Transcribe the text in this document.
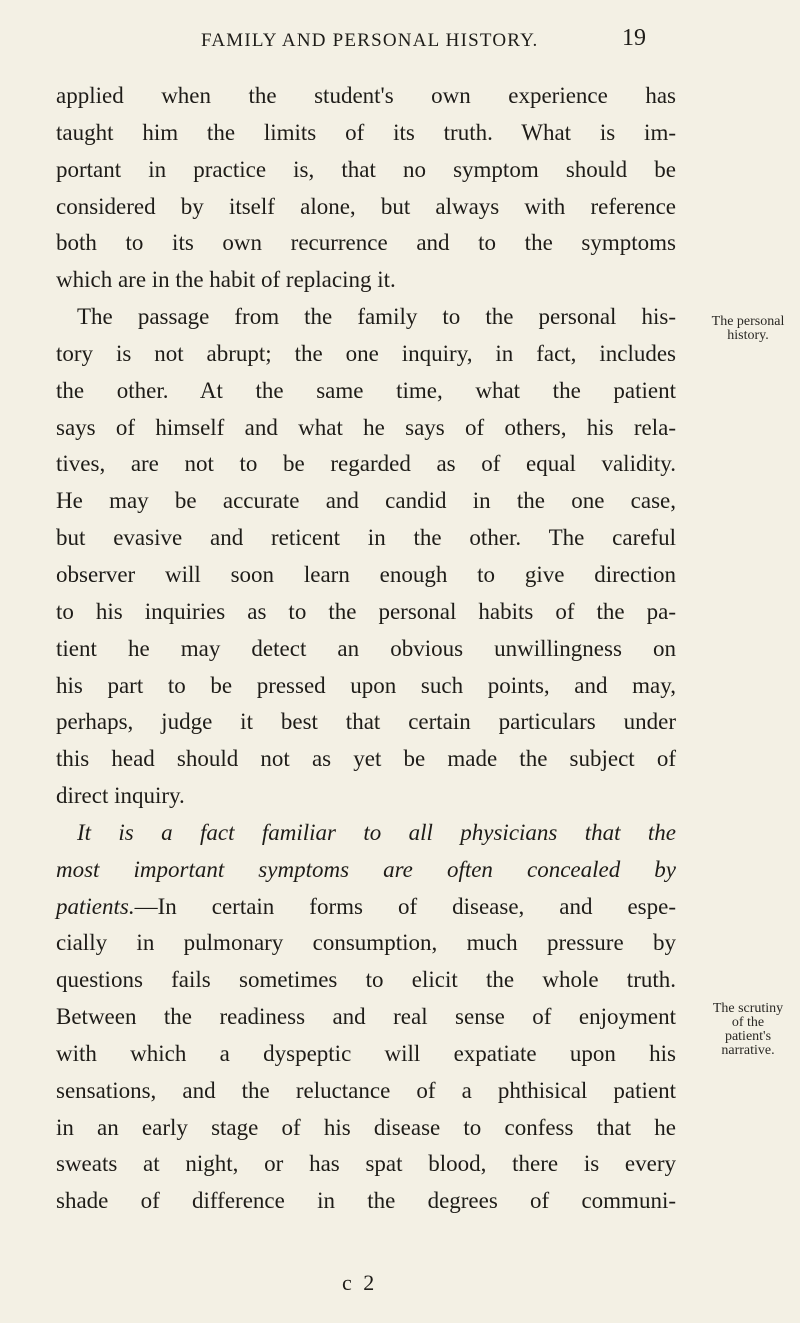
FAMILY AND PERSONAL HISTORY.	19
applied when the student's own experience has
taught him the limits of its truth. What is im-
portant in practice is, that no symptom should be
considered by itself alone, but always with reference
both to its own recurrence and to the symptoms
which are in the habit of replacing it.
The passage from the family to the personal his-
tory is not abrupt; the one inquiry, in fact, includes
the other. At the same time, what the patient
says of himself and what he says of others, his rela-
tives, are not to be regarded as of equal validity.
He may be accurate and candid in the one case,
but evasive and reticent in the other. The careful
observer will soon learn enough to give direction
to his inquiries as to the personal habits of the pa-
tient he may detect an obvious unwillingness on
his part to be pressed upon such points, and may,
perhaps, judge it best that certain particulars under
this head should not as yet be made the subject of
direct inquiry.
It is a fact familiar to all physicians that the
most important symptoms are often concealed by
patients.—In certain forms of disease, and espe-
cially in pulmonary consumption, much pressure by
questions fails sometimes to elicit the whole truth.
Between the readiness and real sense of enjoyment
with which a dyspeptic will expatiate upon his
sensations, and the reluctance of a phthisical patient
in an early stage of his disease to confess that he
sweats at night, or has spat blood, there is every
shade of difference in the degrees of communi-
The personal
history.
The scrutiny
of the
patient's
narrative.
c 2
